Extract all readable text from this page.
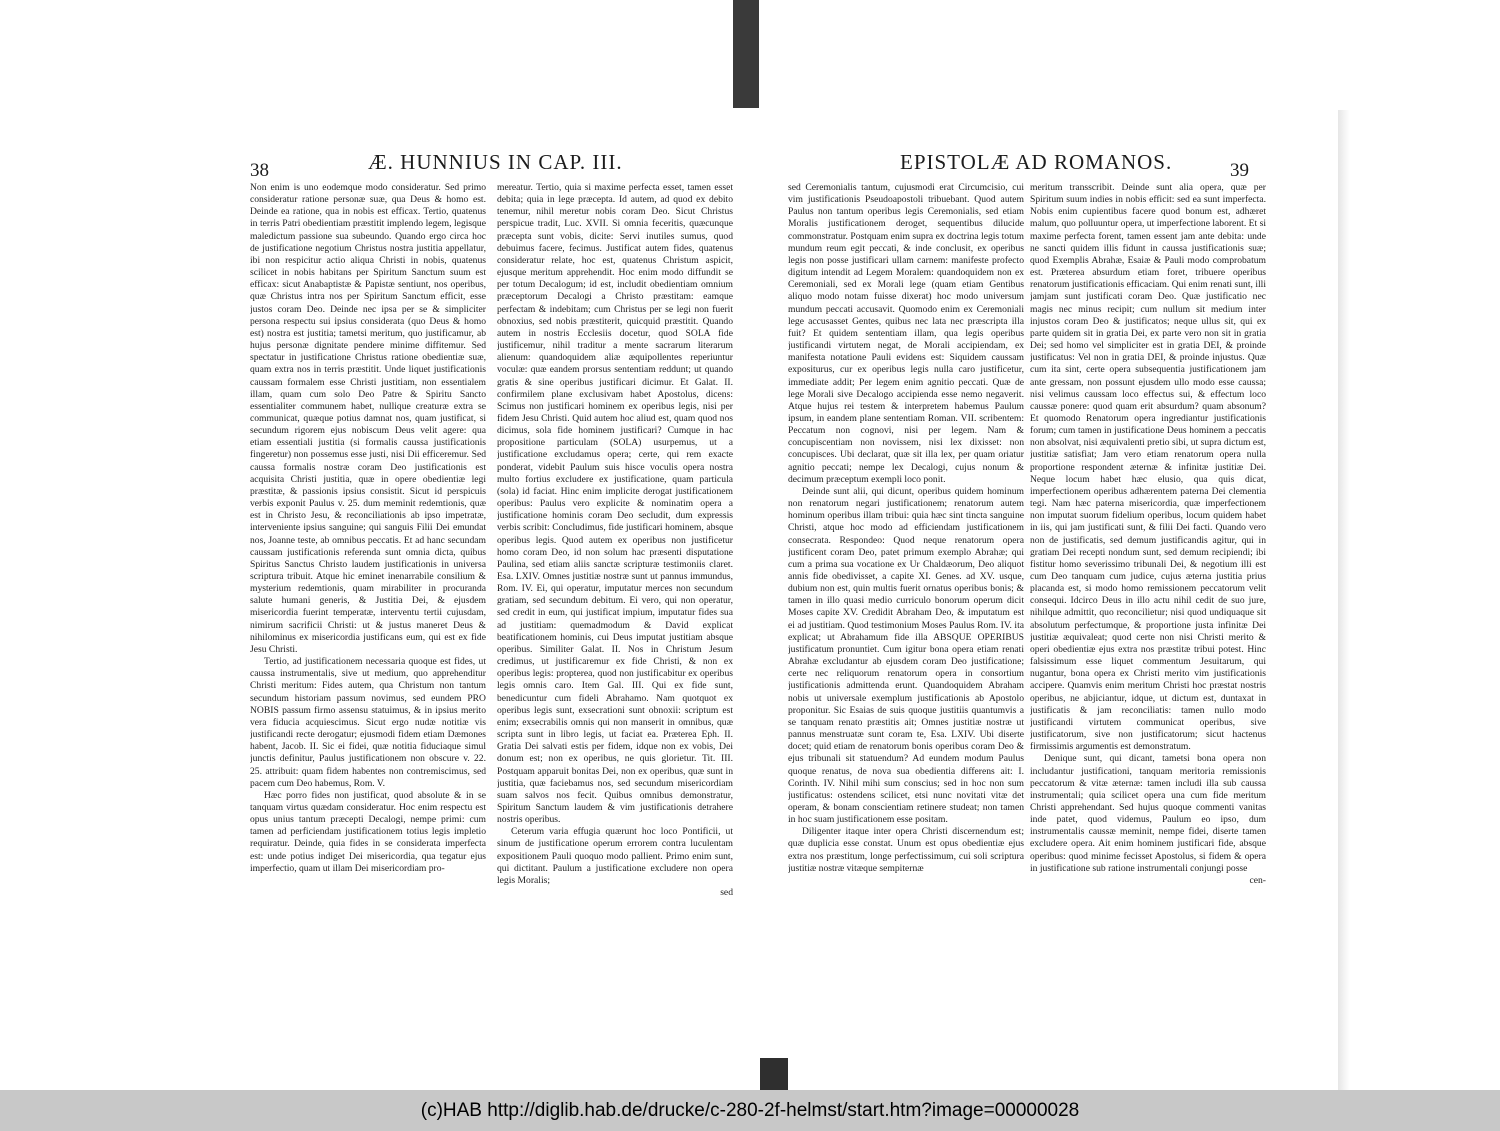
38	Æ. HUNNIUS IN CAP. III.	EPISTOLÆ AD ROMANOS.	39

Non enim is uno eodemque modo consideratur. Sed primo consideratur ratione personæ suæ, qua Deus & homo est. Deinde ea ratione, qua in nobis est efficax. Tertio, quatenus in terris Patri obedientiam præstitit implendo legem, legisque maledictum passione sua subeundo. Quando ergo circa hoc de justificatione negotium Christus nostra justitia appellatur, ibi non respicitur actio aliqua Christi in nobis, quatenus scilicet in nobis habitans per Spiritum Sanctum suum est efficax: sicut Anabaptistæ & Papistæ sentiunt, nos operibus, quæ Christus intra nos per Spiritum Sanctum efficit, esse justos coram Deo. Deinde nec ipsa per se & simpliciter persona respectu sui ipsius considerata (quo Deus & homo est) nostra est justitia; tametsi meritum, quo justificamur, ab hujus personæ dignitate pendere minime diffitemur. Sed spectatur in justificatione Christus ratione obedientiæ suæ, quam extra nos in terris præstitit. Unde liquet justificationis caussam formalem esse Christi justitiam, non essentialem illam, quam cum solo Deo Patre & Spiritu Sancto essentialiter communem habet, nullique creaturæ extra se communicat, quæque potius damnat nos, quam justificat, si secundum rigorem ejus nobiscum Deus velit agere: qua etiam essentiali justitia (si formalis caussa justificationis fingeretur) non possemus esse justi, nisi Dii efficeremur. Sed caussa formalis nostræ coram Deo justificationis est acquisita Christi justitia, quæ in opere obedientiæ legi præstitæ, & passionis ipsius consistit. Sicut id perspicuis verbis exponit Paulus v. 25. dum meminit redemtionis, quæ est in Christo Jesu, & reconciliationis ab ipso impetratæ, interveniente ipsius sanguine; qui sanguis Filii Dei emundat nos, Joanne teste, ab omnibus peccatis. Et ad hanc secundam caussam justificationis referenda sunt omnia dicta, quibus Spiritus Sanctus Christo laudem justificationis in universa scriptura tribuit. Atque hic eminet inenarrabile consilium & mysterium redemtionis, quam mirabiliter in procuranda salute humani generis, & Justitia Dei, & ejusdem misericordia fuerint temperatæ, interventu tertii cujusdam, nimirum sacrificii Christi: ut & justus maneret Deus & nihilominus ex misericordia justificans eum, qui est ex fide Jesu Christi.

Tertio, ad justificationem necessaria quoque est fides, ut caussa instrumentalis, sive ut medium, quo apprehenditur Christi meritum: Fides autem, qua Christum non tantum secundum historiam passum novimus, sed eundem PRO NOBIS passum firmo assensu statuimus, & in ipsius merito vera fiducia acquiescimus. Sicut ergo nudæ notitiæ vis justificandi recte derogatur; ejusmodi fidem etiam Dæmones habent, Jacob. II. Sic ei fidei, quæ notitia fiduciaque simul junctis definitur, Paulus justificationem non obscure v. 22. 25. attribuit: quam fidem habentes non contremiscimus, sed pacem cum Deo habemus, Rom. V.

Hæc porro fides non justificat, quod absolute & in se tanquam virtus quædam consideratur. Hoc enim respectu est opus unius tantum præcepti Decalogi, nempe primi: cum tamen ad perficiendam justificationem totius legis impletio requiratur. Deinde, quia fides in se considerata imperfecta est: unde potius indiget Dei misericordia, qua tegatur ejus imperfectio, quam ut illam Dei misericordiam pro-

mereatur. Tertio, quia si maxime perfecta esset, tamen esset debita; quia in lege præcepta. Id autem, ad quod ex debito tenemur, nihil meretur nobis coram Deo. Sicut Christus perspicue tradit, Luc. XVII. Si omnia feceritis, quæcunque præcepta sunt vobis, dicite: Servi inutiles sumus, quod debuimus facere, fecimus. Justificat autem fides, quatenus consideratur relate, hoc est, quatenus Christum aspicit, ejusque meritum apprehendit. Hoc enim modo diffundit se per totum Decalogum; id est, includit obedientiam omnium præceptorum Decalogi a Christo præstitam: eamque perfectam & indebitam; cum Christus per se legi non fuerit obnoxius, sed nobis præstiterit, quicquid præstitit. Quando autem in nostris Ecclesiis docetur, quod SOLA fide justificemur, nihil traditur a mente sacrarum literarum alienum: quandoquidem aliæ æquipollentes reperiuntur voculæ: quæ eandem prorsus sententiam reddunt; ut quando gratis & sine operibus justificari dicimur. Et Galat. II. confirmilem plane exclusivam habet Apostolus, dicens: Scimus non justificari hominem ex operibus legis, nisi per fidem Jesu Christi. Quid autem hoc aliud est, quam quod nos dicimus, sola fide hominem justificari? Cumque in hac propositione particulam (SOLA) usurpemus, ut a justificatione excludamus opera; certe, qui rem exacte ponderat, videbit Paulum suis hisce voculis opera nostra multo fortius excludere ex justificatione, quam particula (sola) id faciat. Hinc enim implicite derogat justificationem operibus: Paulus vero explicite & nominatim opera a justificatione hominis coram Deo secludit, dum expressis verbis scribit: Concludimus, fide justificari hominem, absque operibus legis. Quod autem ex operibus non justificetur homo coram Deo, id non solum hac præsenti disputatione Paulina, sed etiam aliis sanctæ scripturæ testimoniis claret. Esa. LXIV. Omnes justitiæ nostræ sunt ut pannus immundus, Rom. IV. Ei, qui operatur, imputatur merces non secundum gratiam, sed secundum debitum. Ei vero, qui non operatur, sed credit in eum, qui justificat impium, imputatur fides sua ad justitiam: quemadmodum & David explicat beatificationem hominis, cui Deus imputat justitiam absque operibus. Similiter Galat. II. Nos in Christum Jesum credimus, ut justificaremur ex fide Christi, & non ex operibus legis: propterea, quod non justificabitur ex operibus legis omnis caro. Item Gal. III. Qui ex fide sunt, benedicuntur cum fideli Abrahamo. Nam quotquot ex operibus legis sunt, exsecrationi sunt obnoxii: scriptum est enim; exsecrabilis omnis qui non manserit in omnibus, quæ scripta sunt in libro legis, ut faciat ea. Præterea Eph. II. Gratia Dei salvati estis per fidem, idque non ex vobis, Dei donum est; non ex operibus, ne quis glorietur. Tit. III. Postquam apparuit bonitas Dei, non ex operibus, quæ sunt in justitia, quæ faciebamus nos, sed secundum misericordiam suam salvos nos fecit. Quibus omnibus demonstratur, Spiritum Sanctum laudem & vim justificationis detrahere nostris operibus.

Ceterum varia effugia quærunt hoc loco Pontificii, ut sinum de justificatione operum errorem contra luculentam expositionem Pauli quoquo modo pallient. Primo enim sunt, qui dictitant. Paulum a justificatione excludere non opera legis Moralis;

sed

sed Ceremonialis tantum, cujusmodi erat Circumcisio, cui vim justificationis Pseudoapostoli tribuebant. Quod autem Paulus non tantum operibus legis Ceremonialis, sed etiam Moralis justificationem deroget, sequentibus dilucide commonstratur. Postquam enim supra ex doctrina legis totum mundum reum egit peccati, & inde conclusit, ex operibus legis non posse justificari ullam carnem: manifeste profecto digitum intendit ad Legem Moralem: quandoquidem non ex Ceremoniali, sed ex Morali lege (quam etiam Gentibus aliquo modo notam fuisse dixerat) hoc modo universum mundum peccati accusavit. Quomodo enim ex Ceremoniali lege accusasset Gentes, quibus nec lata nec præscripta illa fuit? Et quidem sententiam illam, qua legis operibus justificandi virtutem negat, de Morali accipiendam, ex manifesta notatione Pauli evidens est: Siquidem caussam expositurus, cur ex operibus legis nulla caro justificetur, immediate addit; Per legem enim agnitio peccati. Quæ de lege Morali sive Decalogo accipienda esse nemo negaverit. Atque hujus rei testem & interpretem habemus Paulum ipsum, in eandem plane sententiam Roman. VII. scribentem: Peccatum non cognovi, nisi per legem. Nam & concupiscentiam non novissem, nisi lex dixisset: non concupisces. Ubi declarat, quæ sit illa lex, per quam oriatur agnitio peccati; nempe lex Decalogi, cujus nonum & decimum præceptum exempli loco ponit.

Deinde sunt alii, qui dicunt, operibus quidem hominum non renatorum negari justificationem; renatorum autem hominum operibus illam tribui: quia hæc sint tincta sanguine Christi, atque hoc modo ad efficiendam justificationem consecrata. Respondeo: Quod neque renatorum opera justificent coram Deo, patet primum exemplo Abrahæ; qui cum a prima sua vocatione ex Ur Chaldæorum, Deo aliquot annis fide obedivisset, a capite XI. Genes. ad XV. usque, dubium non est, quin multis fuerit ornatus operibus bonis; & tamen in illo quasi medio curriculo bonorum operum dicit Moses capite XV. Credidit Abraham Deo, & imputatum est ei ad justitiam. Quod testimonium Moses Paulus Rom. IV. ita explicat; ut Abrahamum fide illa ABSQUE OPERIBUS justificatum pronuntiet. Cum igitur bona opera etiam renati Abrahæ excludantur ab ejusdem coram Deo justificatione; certe nec reliquorum renatorum opera in consortium justificationis admittenda erunt. Quandoquidem Abraham nobis ut universale exemplum justificationis ab Apostolo proponitur. Sic Esaias de suis quoque justitiis quantumvis a se tanquam renato præstitis ait; Omnes justitiæ nostræ ut pannus menstruatæ sunt coram te, Esa. LXIV. Ubi diserte docet; quid etiam de renatorum bonis operibus coram Deo & ejus tribunali sit statuendum? Ad eundem modum Paulus quoque renatus, de nova sua obedientia differens ait: I. Corinth. IV. Nihil mihi sum conscius; sed in hoc non sum justificatus: ostendens scilicet, etsi nunc novitati vitæ det operam, & bonam conscientiam retinere studeat; non tamen in hoc suam justificationem esse positam.

Diligenter itaque inter opera Christi discernendum est; quæ duplicia esse constat. Unum est opus obedientiæ ejus extra nos præstitum, longe perfectissimum, cui soli scriptura justitiæ nostræ vitæque sempiternæ

meritum transscribit. Deinde sunt alia opera, quæ per Spiritum suum indies in nobis efficit: sed ea sunt imperfecta. Nobis enim cupientibus facere quod bonum est, adhæret malum, quo polluuntur opera, ut imperfectione laborent. Et si maxime perfecta forent, tamen essent jam ante debita: unde ne sancti quidem illis fidunt in caussa justificationis suæ; quod Exemplis Abrahæ, Esaiæ & Pauli modo comprobatum est. Præterea absurdum etiam foret, tribuere operibus renatorum justificationis efficaciam. Qui enim renati sunt, illi jamjam sunt justificati coram Deo. Quæ justificatio nec magis nec minus recipit; cum nullum sit medium inter injustos coram Deo & justificatos; neque ullus sit, qui ex parte quidem sit in gratia Dei, ex parte vero non sit in gratia Dei; sed homo vel simpliciter est in gratia DEI, & proinde justificatus: Vel non in gratia DEI, & proinde injustus. Quæ cum ita sint, certe opera subsequentia justificationem jam ante gressam, non possunt ejusdem ullo modo esse caussa; nisi velimus caussam loco effectus sui, & effectum loco caussæ ponere: quod quam erit absurdum? quam absonum? Et quomodo Renatorum opera ingrediantur justificationis forum; cum tamen in justificatione Deus hominem a peccatis non absolvat, nisi æquivalenti pretio sibi, ut supra dictum est, justitiæ satisfiat; Jam vero etiam renatorum opera nulla proportione respondent æternæ & infinitæ justitiæ Dei. Neque locum habet hæc elusio, qua quis dicat, imperfectionem operibus adhærentem paterna Dei clementia tegi. Nam hæc paterna misericordia, quæ imperfectionem non imputat suorum fidelium operibus, locum quidem habet in iis, qui jam justificati sunt, & filii Dei facti. Quando vero non de justificatis, sed demum justificandis agitur, qui in gratiam Dei recepti nondum sunt, sed demum recipiendi; ibi fistitur homo severissimo tribunali Dei, & negotium illi est cum Deo tanquam cum judice, cujus æterna justitia prius placanda est, si modo homo remissionem peccatorum velit consequi. Idcirco Deus in illo actu nihil cedit de suo jure, nihilque admittit, quo reconcilietur; nisi quod undiquaque sit absolutum perfectumque, & proportione justa infinitæ Dei justitiæ æquivaleat; quod certe non nisi Christi merito & operi obedientiæ ejus extra nos præstitæ tribui potest. Hinc falsissimum esse liquet commentum Jesuitarum, qui nugantur, bona opera ex Christi merito vim justificationis accipere. Quamvis enim meritum Christi hoc præstat nostris operibus, ne abjiciantur, idque, ut dictum est, duntaxat in justificatis & jam reconciliatis: tamen nullo modo justificandi virtutem communicat operibus, sive justificatorum, sive non justificatorum; sicut hactenus firmissimis argumentis est demonstratum.

Denique sunt, qui dicant, tametsi bona opera non includantur justificationi, tanquam meritoria remissionis peccatorum & vitæ æternæ: tamen includi illa sub caussa instrumentali; quia scilicet opera una cum fide meritum Christi apprehendant. Sed hujus quoque commenti vanitas inde patet, quod videmus, Paulum eo ipso, dum instrumentalis caussæ meminit, nempe fidei, diserte tamen excludere opera. Ait enim hominem justificari fide, absque operibus: quod minime fecisset Apostolus, si fidem & opera in justificatione sub ratione instrumentali conjungi posse

cen-

(c)HAB http://diglib.hab.de/drucke/c-280-2f-helmst/start.htm?image=00000028
